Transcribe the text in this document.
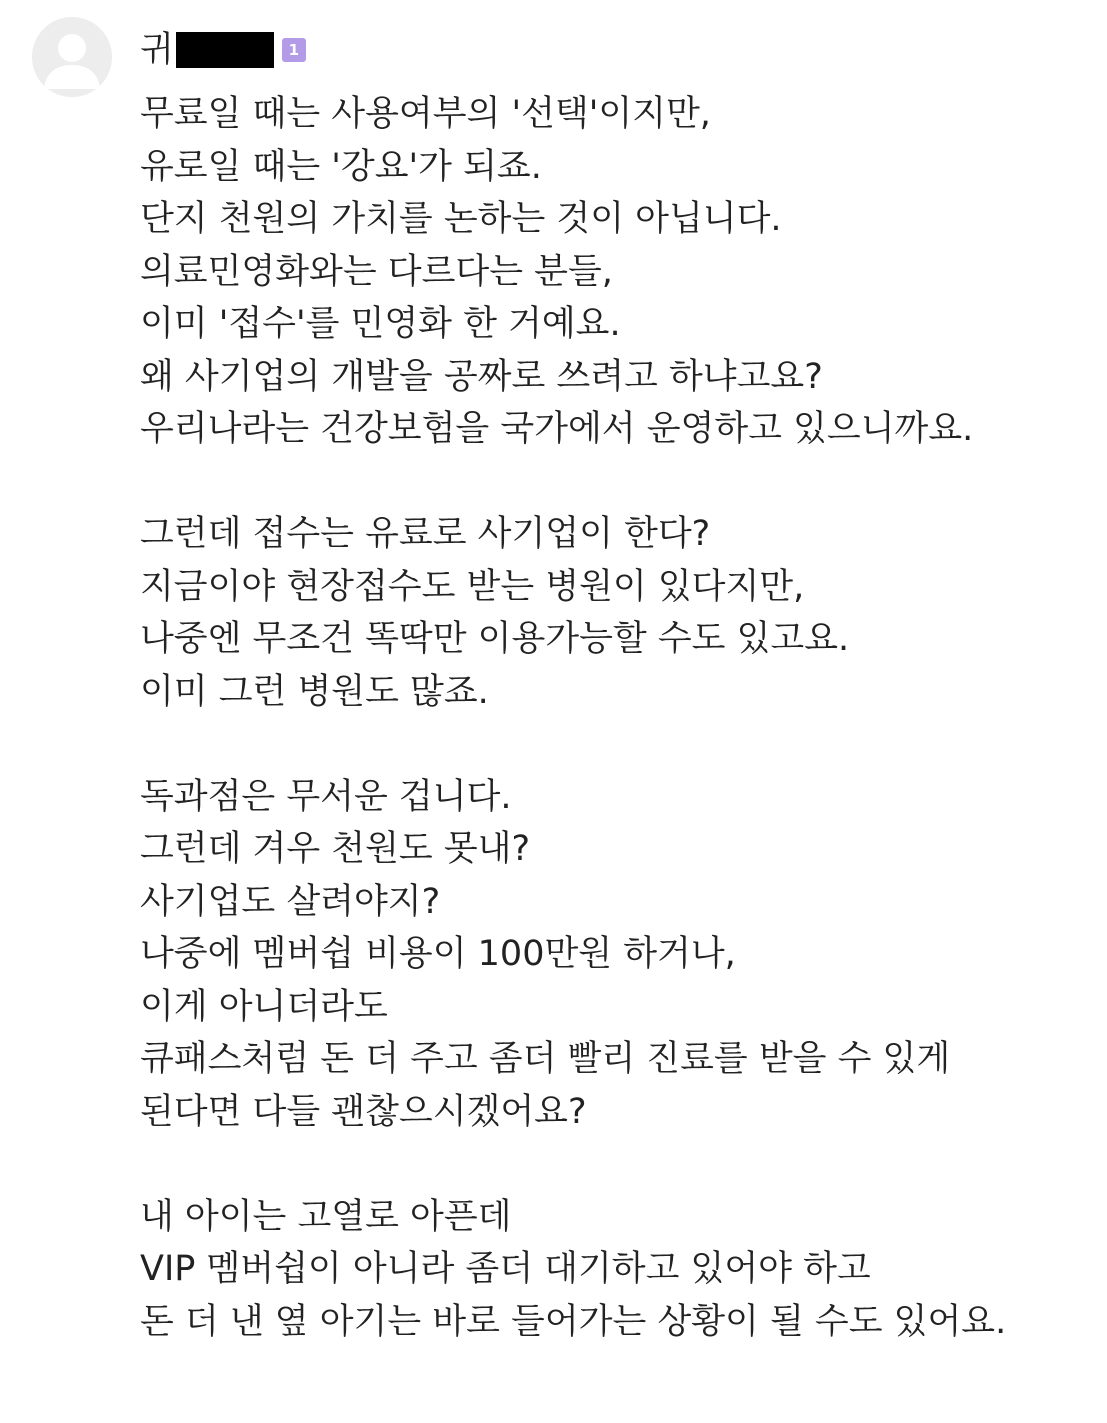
귀	1
무료일 때는 사용여부의 '선택'이지만,
유로일 때는 '강요'가 되죠.
단지 천원의 가치를 논하는 것이 아닙니다.
의료민영화와는 다르다는 분들,
이미 '접수'를 민영화 한 거예요.
왜 사기업의 개발을 공짜로 쓰려고 하냐고요?
우리나라는 건강보험을 국가에서 운영하고 있으니까요.
그런데 접수는 유료로 사기업이 한다?
지금이야 현장접수도 받는 병원이 있다지만,
나중엔 무조건 똑딱만 이용가능할 수도 있고요.
이미 그런 병원도 많죠.
독과점은 무서운 겁니다.
그런데 겨우 천원도 못내?
사기업도 살려야지?
나중에 멤버쉽 비용이 100만원 하거나,
이게 아니더라도
큐패스처럼 돈 더 주고 좀더 빨리 진료를 받을 수 있게
된다면 다들 괜찮으시겠어요?
내 아이는 고열로 아픈데
VIP 멤버쉽이 아니라 좀더 대기하고 있어야 하고
돈 더 낸 옆 아기는 바로 들어가는 상황이 될 수도 있어요.
